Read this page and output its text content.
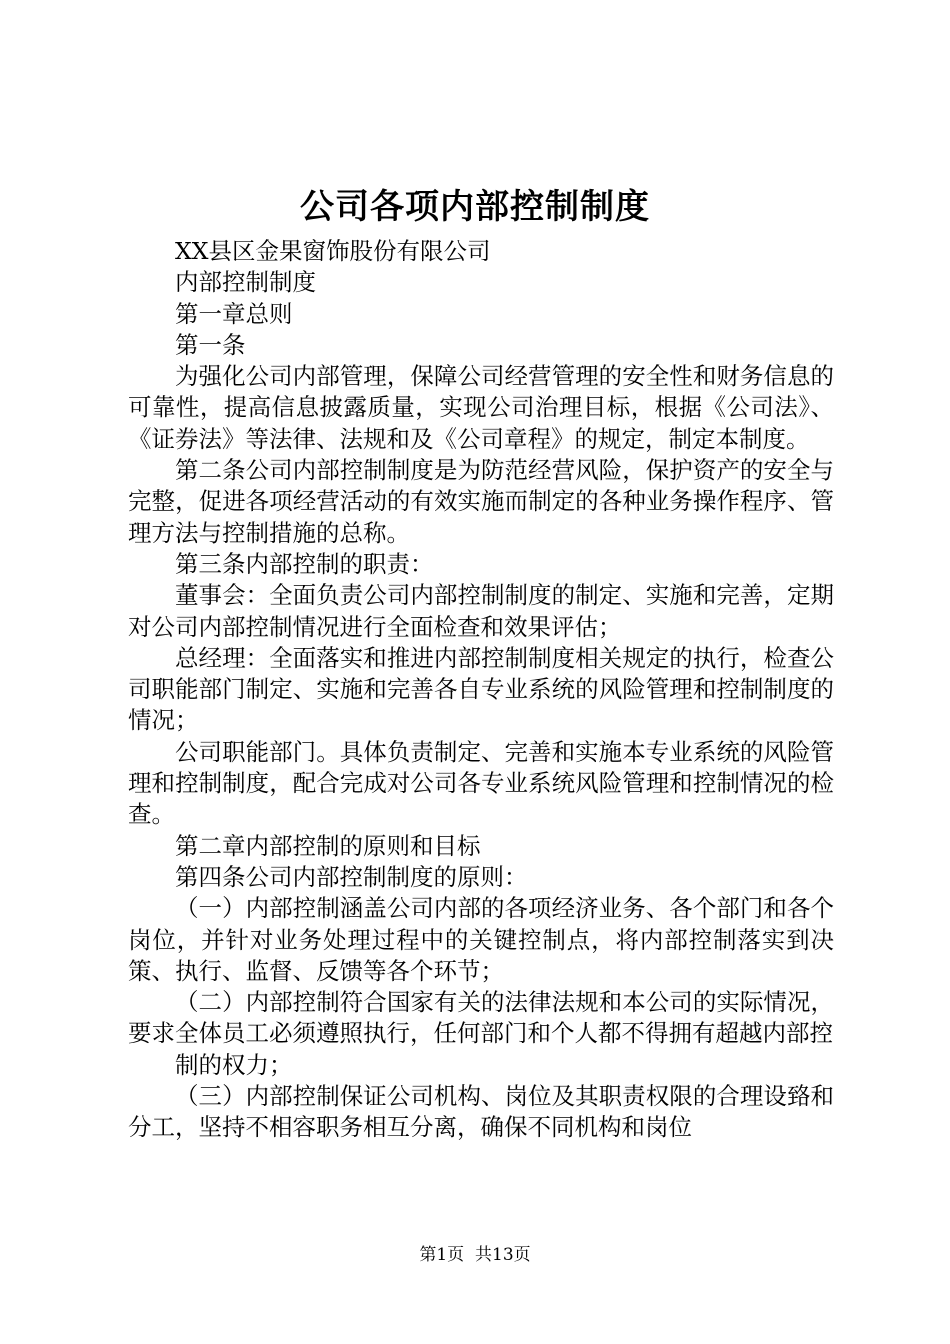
公司各项内部控制制度

XX县区金果窗饰股份有限公司

内部控制制度

第一章总则

第一条

为强化公司内部管理，保障公司经营管理的安全性和财务信息的可靠性，提高信息披露质量，实现公司治理目标，根据《公司法》、《证券法》等法律、法规和及《公司章程》的规定，制定本制度。

第二条公司内部控制制度是为防范经营风险，保护资产的安全与完整，促进各项经营活动的有效实施而制定的各种业务操作程序、管理方法与控制措施的总称。

第三条内部控制的职责：

董事会：全面负责公司内部控制制度的制定、实施和完善，定期对公司内部控制情况进行全面检查和效果评估；

总经理：全面落实和推进内部控制制度相关规定的执行，检查公司职能部门制定、实施和完善各自专业系统的风险管理和控制制度的情况；

公司职能部门。具体负责制定、完善和实施本专业系统的风险管理和控制制度，配合完成对公司各专业系统风险管理和控制情况的检查。

第二章内部控制的原则和目标

第四条公司内部控制制度的原则：

（一）内部控制涵盖公司内部的各项经济业务、各个部门和各个岗位，并针对业务处理过程中的关键控制点，将内部控制落实到决策、执行、监督、反馈等各个环节；

（二）内部控制符合国家有关的法律法规和本公司的实际情况，要求全体员工必须遵照执行，任何部门和个人都不得拥有超越内部控

制的权力；

（三）内部控制保证公司机构、岗位及其职责权限的合理设臵和分工，坚持不相容职务相互分离，确保不同机构和岗位

第1页 共13页
